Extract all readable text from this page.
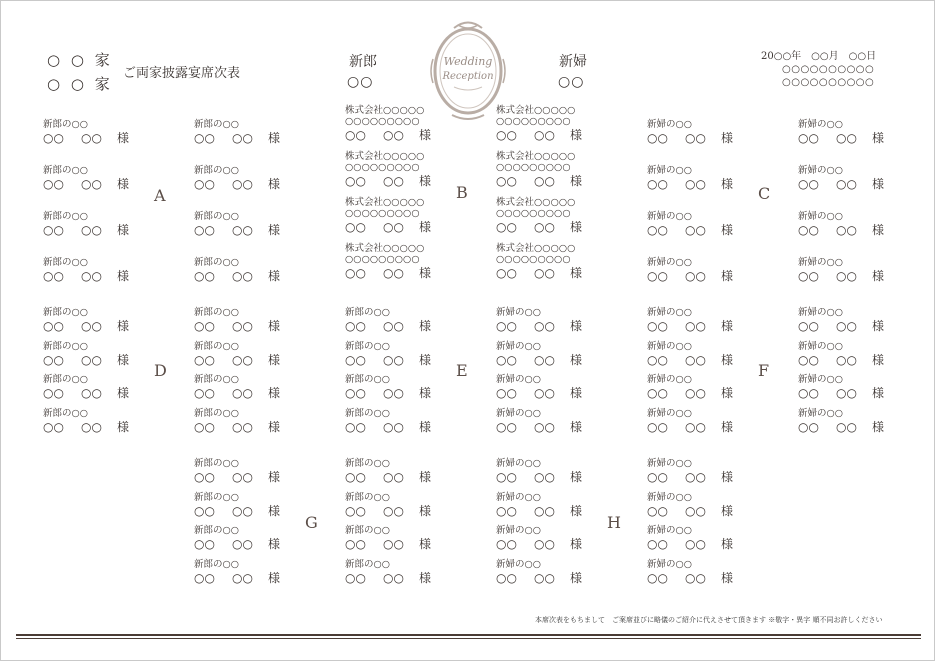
○ ○ 家
○ ○ 家
ご両家披露宴席次表
新郎
○○
Wedding
Reception
新婦
○○
20○○年　○○月　○○日
○○○○○○○○○○
○○○○○○○○○○
新郎の○○
○○ ○○ 様
新郎の○○
○○ ○○ 様
新婦の○○
○○ ○○ 様
新婦の○○
○○ ○○ 様
新郎の○○
○○ ○○ 様
新郎の○○
○○ ○○ 様
新婦の○○
○○ ○○ 様
新婦の○○
○○ ○○ 様
新郎の○○
○○ ○○ 様
新郎の○○
○○ ○○ 様
新婦の○○
○○ ○○ 様
新婦の○○
○○ ○○ 様
新郎の○○
○○ ○○ 様
新郎の○○
○○ ○○ 様
新婦の○○
○○ ○○ 様
新婦の○○
○○ ○○ 様
株式会社○○○○○
○○○○○○○○○
○○ ○○ 様
株式会社○○○○○
○○○○○○○○○
○○ ○○ 様
株式会社○○○○○
○○○○○○○○○
○○ ○○ 様
株式会社○○○○○
○○○○○○○○○
○○ ○○ 様
株式会社○○○○○
○○○○○○○○○
○○ ○○ 様
株式会社○○○○○
○○○○○○○○○
○○ ○○ 様
株式会社○○○○○
○○○○○○○○○
○○ ○○ 様
株式会社○○○○○
○○○○○○○○○
○○ ○○ 様
新郎の○○
○○ ○○ 様
新郎の○○
○○ ○○ 様
新郎の○○
○○ ○○ 様
新婦の○○
○○ ○○ 様
新婦の○○
○○ ○○ 様
新婦の○○
○○ ○○ 様
新郎の○○
○○ ○○ 様
新郎の○○
○○ ○○ 様
新郎の○○
○○ ○○ 様
新婦の○○
○○ ○○ 様
新婦の○○
○○ ○○ 様
新婦の○○
○○ ○○ 様
新郎の○○
○○ ○○ 様
新郎の○○
○○ ○○ 様
新郎の○○
○○ ○○ 様
新婦の○○
○○ ○○ 様
新婦の○○
○○ ○○ 様
新婦の○○
○○ ○○ 様
新郎の○○
○○ ○○ 様
新郎の○○
○○ ○○ 様
新郎の○○
○○ ○○ 様
新婦の○○
○○ ○○ 様
新婦の○○
○○ ○○ 様
新婦の○○
○○ ○○ 様
新郎の○○
○○ ○○ 様
新郎の○○
○○ ○○ 様
新婦の○○
○○ ○○ 様
新婦の○○
○○ ○○ 様
新郎の○○
○○ ○○ 様
新郎の○○
○○ ○○ 様
新婦の○○
○○ ○○ 様
新婦の○○
○○ ○○ 様
新郎の○○
○○ ○○ 様
新郎の○○
○○ ○○ 様
新婦の○○
○○ ○○ 様
新婦の○○
○○ ○○ 様
新郎の○○
○○ ○○ 様
新郎の○○
○○ ○○ 様
新婦の○○
○○ ○○ 様
新婦の○○
○○ ○○ 様
A	B	C
D	E	F
G	H
本席次表をもちまして　ご案席並びに略儀のご紹介に代えさせて頂きます ※敬字・異字 順不同お許しください
